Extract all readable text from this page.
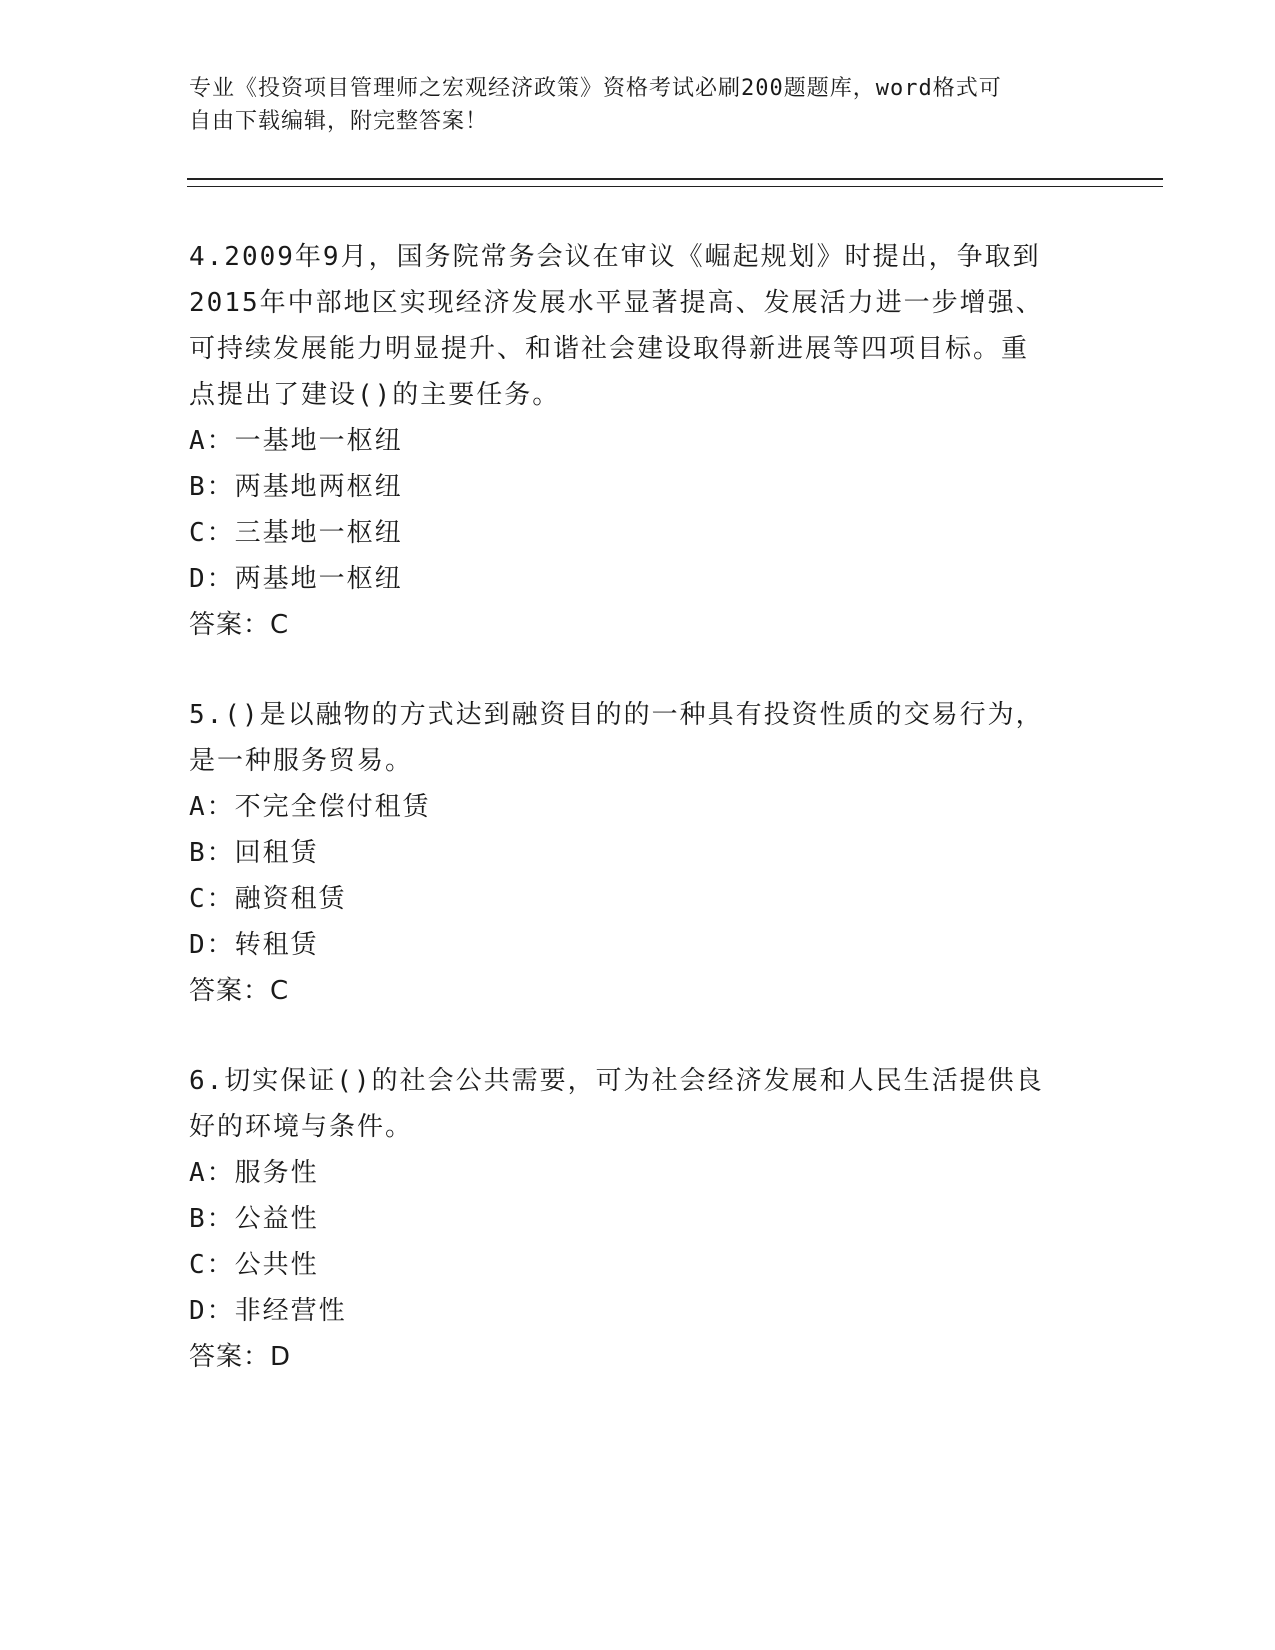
专业《投资项目管理师之宏观经济政策》资格考试必刷200题题库，word格式可
自由下载编辑，附完整答案！
4.2009年9月，国务院常务会议在审议《崛起规划》时提出，争取到
2015年中部地区实现经济发展水平显著提高、发展活力进一步增强、
可持续发展能力明显提升、和谐社会建设取得新进展等四项目标。重
点提出了建设()的主要任务。
A：一基地一枢纽
B：两基地两枢纽
C：三基地一枢纽
D：两基地一枢纽
答案：C
5.()是以融物的方式达到融资目的的一种具有投资性质的交易行为，
是一种服务贸易。
A：不完全偿付租赁
B：回租赁
C：融资租赁
D：转租赁
答案：C
6.切实保证()的社会公共需要，可为社会经济发展和人民生活提供良
好的环境与条件。
A：服务性
B：公益性
C：公共性
D：非经营性
答案：D
